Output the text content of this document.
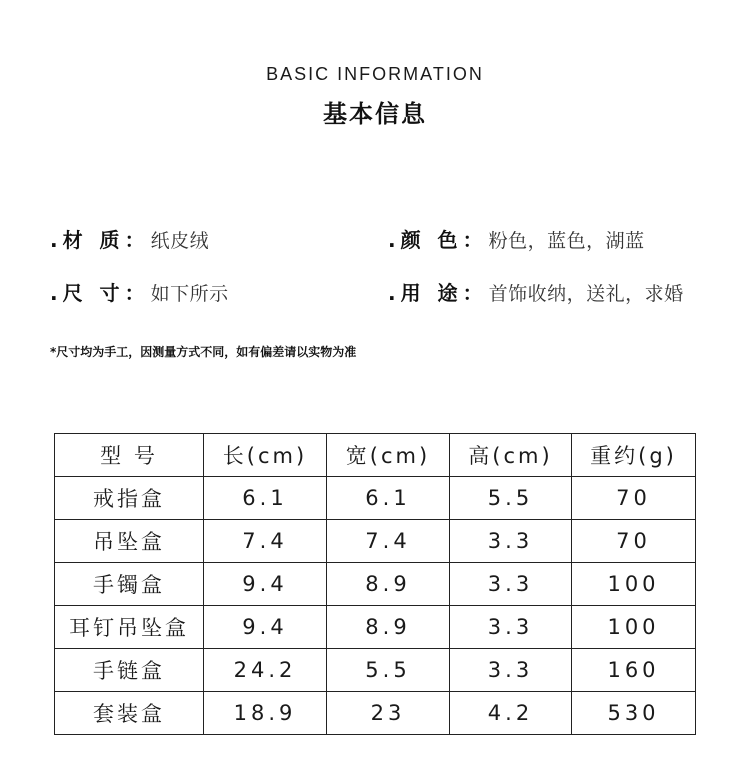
BASIC INFORMATION
基本信息
.材 质： 纸皮绒	.颜 色： 粉色，蓝色，湖蓝
.尺 寸： 如下所示	.用 途： 首饰收纳，送礼，求婚
*尺寸均为手工，因测量方式不同，如有偏差请以实物为准
型 号	长(cm)	宽(cm)	高(cm)	重约(g)
戒指盒	6.1	6.1	5.5	70
吊坠盒	7.4	7.4	3.3	70
手镯盒	9.4	8.9	3.3	100
耳钉吊坠盒	9.4	8.9	3.3	100
手链盒	24.2	5.5	3.3	160
套装盒	18.9	23	4.2	530
